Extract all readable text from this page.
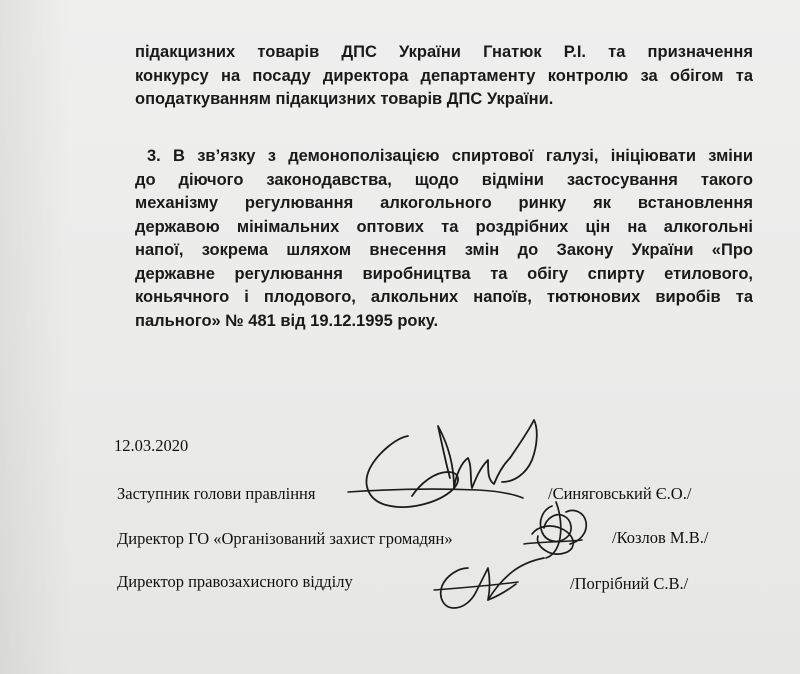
підакцизних товарів ДПС України Гнатюк Р.І. та призначення
конкурсу на посаду директора департаменту контролю за обігом та
оподаткуванням підакцизних товарів ДПС України.
3. В зв’язку з демонополізацією спиртової галузі, ініціювати зміни
до діючого законодавства, щодо відміни застосування такого
механізму регулювання алкогольного ринку як встановлення
державою мінімальних оптових та роздрібних цін на алкогольні
напої, зокрема шляхом внесення змін до Закону України «Про
державне регулювання виробництва та обігу спирту етилового,
коньячного і плодового, алкольних напоїв, тютюнових виробів та
пального» № 481 від 19.12.1995 року.
12.03.2020
Заступник голови правління
Директор ГО «Організований захист громадян»
Директор правозахисного відділу
/Синяговський Є.О./
/Козлов М.В./
/Погрібний С.В./
